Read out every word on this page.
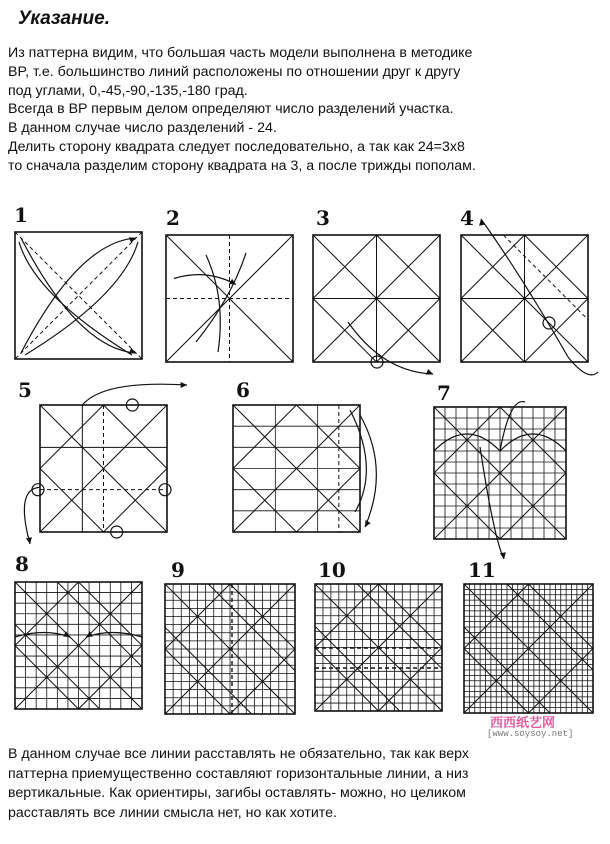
Указание.
Из паттерна видим, что большая часть модели выполнена в методике
BP, т.е. большинство линий расположены по отношении друг к другу
под углами, 0,-45,-90,-135,-180 град.
Всегда в BP первым делом определяют число разделений участка.
В данном случае число разделений - 24.
Делить сторону квадрата следует последовательно, а так как 24=3x8
то сначала разделим сторону квадрата на 3, а после трижды пополам.
1	2	3	4
5	6	7
8	9	10	11
西西纸艺网
[www.soysoy.net]
В данном случае все линии расставлять не обязательно, так как верх
паттерна приемущественно составляют горизонтальные линии, а низ
вертикальные. Как ориентиры, загибы оставлять- можно, но целиком
расставлять все линии смысла нет, но как хотите.
